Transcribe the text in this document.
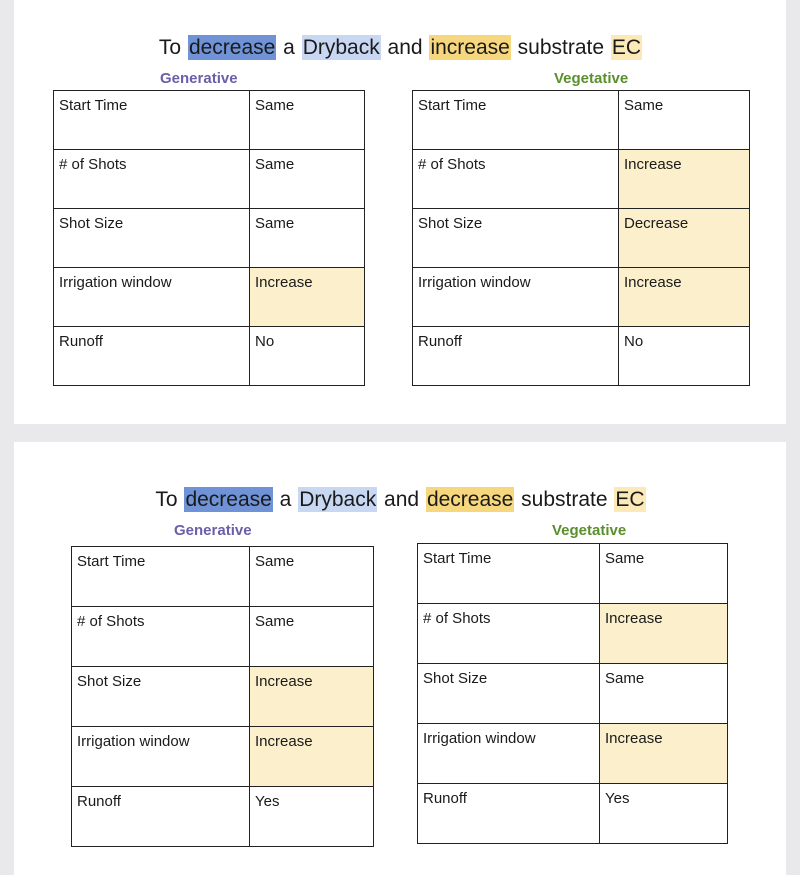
To decrease a Dryback and increase substrate EC
Generative	Vegetative
Start Time	Same
# of Shots	Same
Shot Size	Same
Irrigation window	Increase
Runoff	No
Start Time	Same
# of Shots	Increase
Shot Size	Decrease
Irrigation window	Increase
Runoff	No
To decrease a Dryback and decrease substrate EC
Generative	Vegetative
Start Time	Same
# of Shots	Same
Shot Size	Increase
Irrigation window	Increase
Runoff	Yes
Start Time	Same
# of Shots	Increase
Shot Size	Same
Irrigation window	Increase
Runoff	Yes
